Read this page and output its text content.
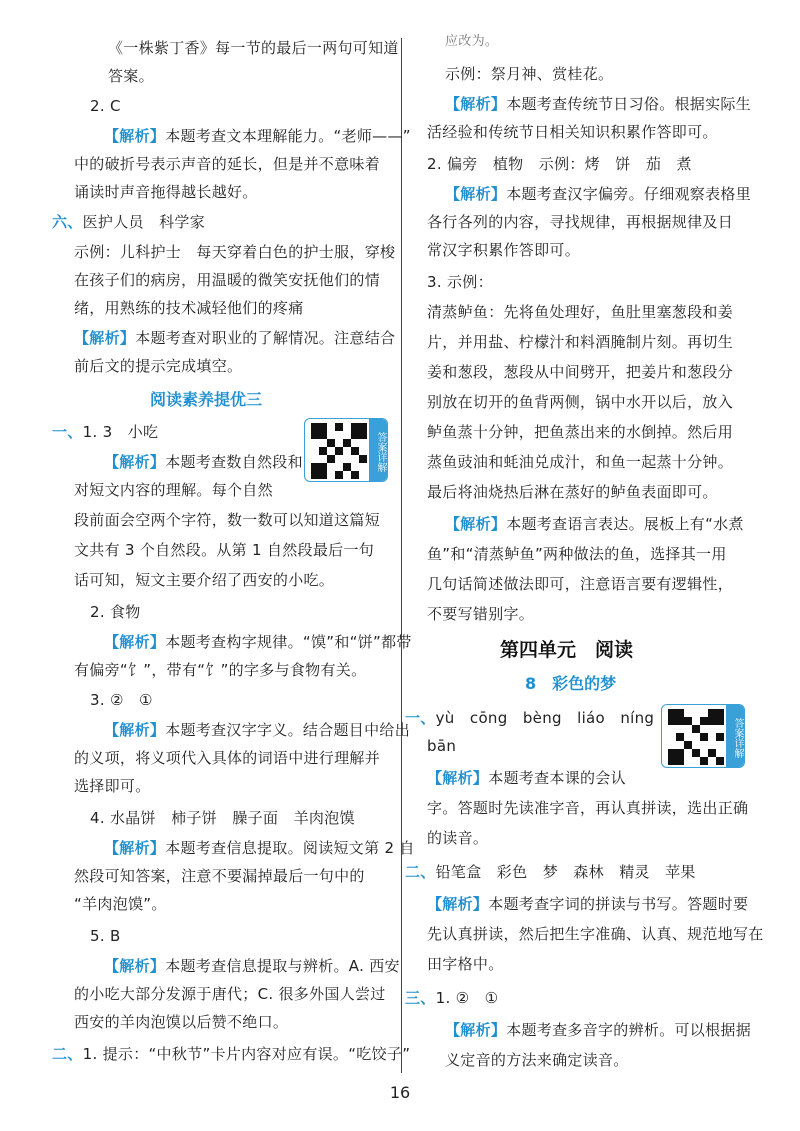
《一株紫丁香》每一节的最后一两句可知道
答案。
2. C
【解析】本题考查文本理解能力。“老师——”
中的破折号表示声音的延长，但是并不意味着
诵读时声音拖得越长越好。
六、医护人员　科学家
示例：儿科护士　每天穿着白色的护士服，穿梭
在孩子们的病房，用温暖的微笑安抚他们的情
绪，用熟练的技术减轻他们的疼痛
【解析】本题考查对职业的了解情况。注意结合
前后文的提示完成填空。
阅读素养提优三
一、1. 3　小吃	答案详解
【解析】本题考查数自然段和
对短文内容的理解。每个自然
段前面会空两个字符，数一数可以知道这篇短
文共有 3 个自然段。从第 1 自然段最后一句
话可知，短文主要介绍了西安的小吃。
2. 食物
【解析】本题考查构字规律。“馍”和“饼”都带
有偏旁“饣”，带有“饣”的字多与食物有关。
3. ②　①
【解析】本题考查汉字字义。结合题目中给出
的义项，将义项代入具体的词语中进行理解并
选择即可。
4. 水晶饼　柿子饼　臊子面　羊肉泡馍
【解析】本题考查信息提取。阅读短文第 2 自
然段可知答案，注意不要漏掉最后一句中的
“羊肉泡馍”。
5. B
【解析】本题考查信息提取与辨析。A. 西安
的小吃大部分发源于唐代；C. 很多外国人尝过
西安的羊肉泡馍以后赞不绝口。
二、1. 提示：“中秋节”卡片内容对应有误。“吃饺子”
应改为。
示例：祭月神、赏桂花。
【解析】本题考查传统节日习俗。根据实际生
活经验和传统节日相关知识积累作答即可。
2. 偏旁　植物　示例：烤　饼　茄　煮
【解析】本题考查汉字偏旁。仔细观察表格里
各行各列的内容，寻找规律，再根据规律及日
常汉字积累作答即可。
3. 示例：
清蒸鲈鱼：先将鱼处理好，鱼肚里塞葱段和姜
片，并用盐、柠檬汁和料酒腌制片刻。再切生
姜和葱段，葱段从中间劈开，把姜片和葱段分
别放在切开的鱼背两侧，锅中水开以后，放入
鲈鱼蒸十分钟，把鱼蒸出来的水倒掉。然后用
蒸鱼豉油和蚝油兑成汁，和鱼一起蒸十分钟。
最后将油烧热后淋在蒸好的鲈鱼表面即可。
【解析】本题考查语言表达。展板上有“水煮
鱼”和“清蒸鲈鱼”两种做法的鱼，选择其一用
几句话简述做法即可，注意语言要有逻辑性，
不要写错别字。
第四单元　阅读
8　彩色的梦
一、yù　cōng　bèng　liáo　níng
bān	答案详解
【解析】本题考查本课的会认
字。答题时先读准字音，再认真拼读，选出正确
的读音。
二、铅笔盒　彩色　梦　森林　精灵　苹果
【解析】本题考查字词的拼读与书写。答题时要
先认真拼读，然后把生字准确、认真、规范地写在
田字格中。
三、1. ②　①
【解析】本题考查多音字的辨析。可以根据据
义定音的方法来确定读音。
16
